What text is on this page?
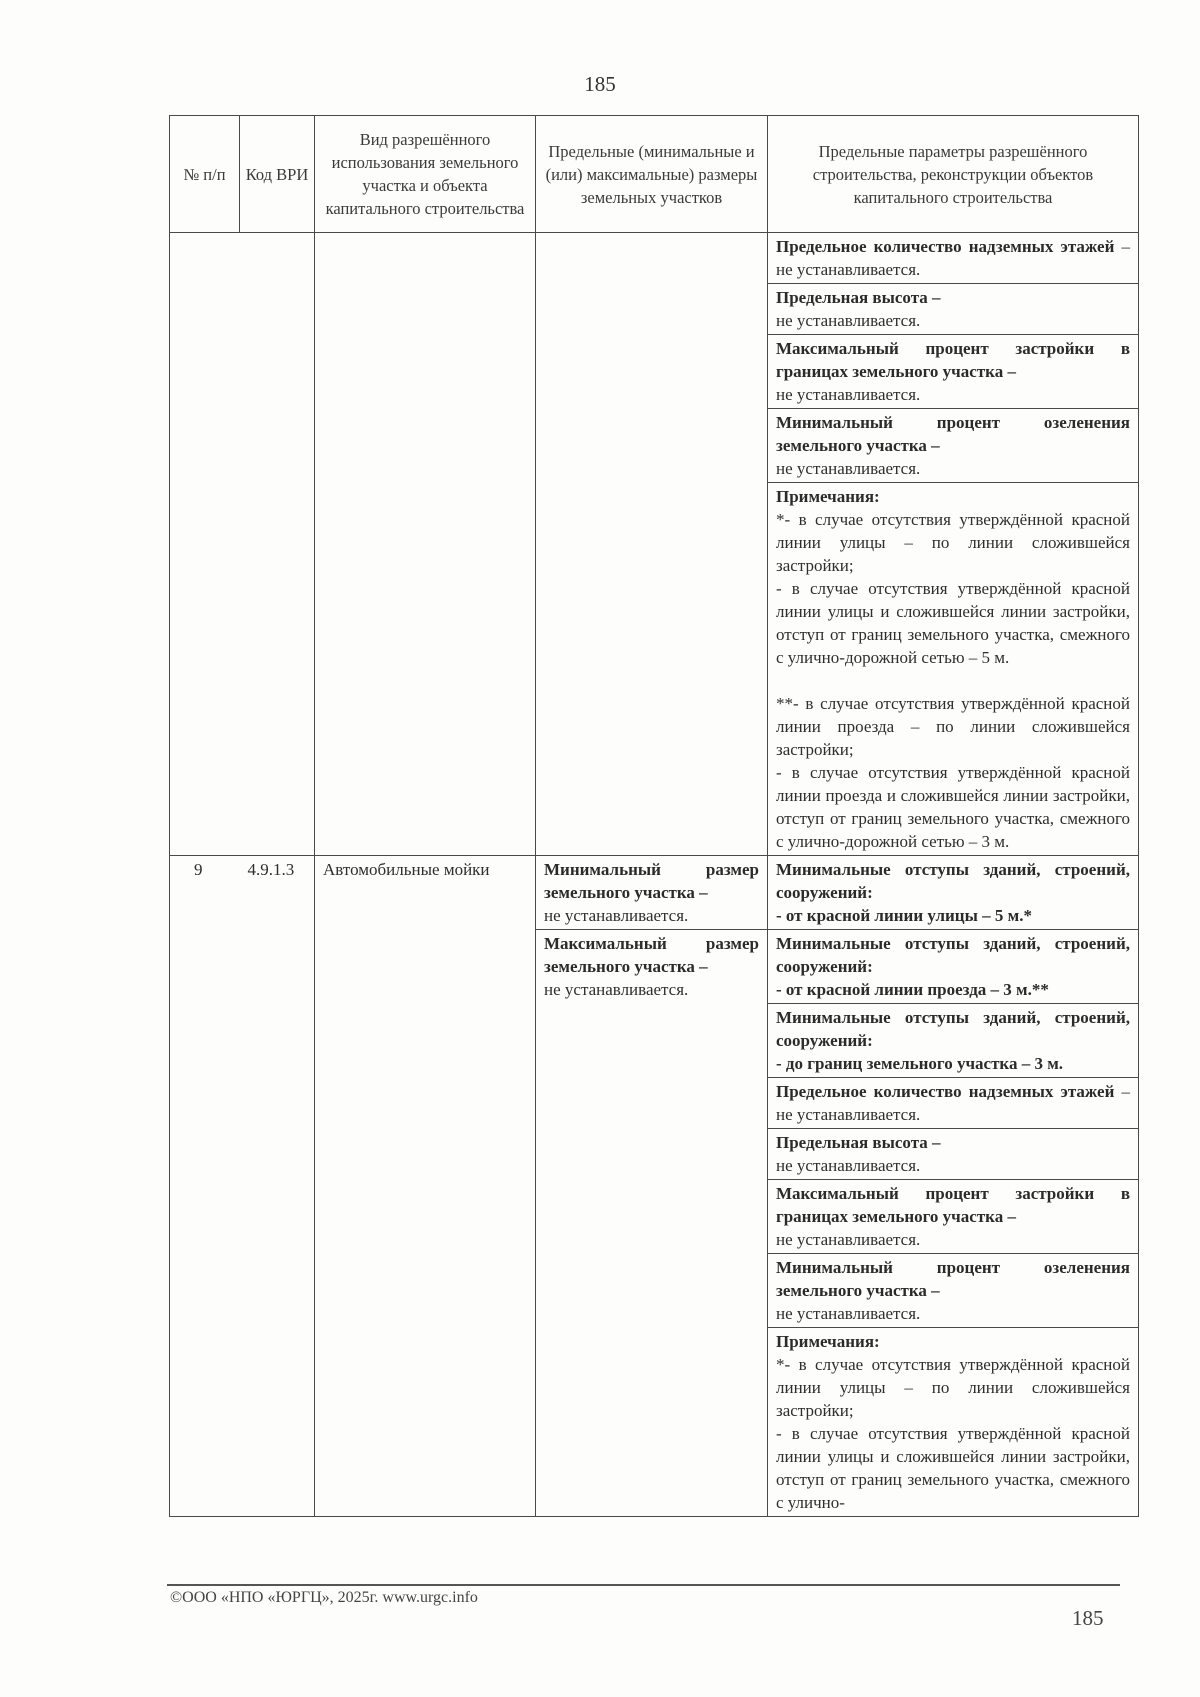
185
№ п/п	Код ВРИ	Вид разрешённого использования земельного участка и объекта капитального строительства	Предельные (минимальные и (или) максимальные) размеры земельных участков	Предельные параметры разрешённого строительства, реконструкции объектов капитального строительства
				Предельное количество надземных этажей – не устанавливается.

				Предельная высота –
не устанавливается.

				Максимальный процент застройки в границах земельного участка –
не устанавливается.

				Минимальный процент озеленения земельного участка –
не устанавливается.

				Примечания:
*- в случае отсутствия утверждённой красной линии улицы – по линии сложившейся застройки;
- в случае отсутствия утверждённой красной линии улицы и сложившейся линии застройки, отступ от границ земельного участка, смежного с улично-дорожной сетью – 5 м.
**- в случае отсутствия утверждённой красной линии проезда – по линии сложившейся застройки;
- в случае отсутствия утверждённой красной линии проезда и сложившейся линии застройки, отступ от границ земельного участка, смежного с улично-дорожной сетью – 3 м.

9	4.9.1.3	Автомобильные мойки	Минимальный размер земельного участка –
не устанавливается.	Минимальные отступы зданий, строений, сооружений:
- от красной линии улицы – 5 м.*

			Максимальный размер земельного участка –
не устанавливается.	Минимальные отступы зданий, строений, сооружений:
- от красной линии проезда – 3 м.**

				Минимальные отступы зданий, строений, сооружений:
- до границ земельного участка – 3 м.

				Предельное количество надземных этажей – не устанавливается.

				Предельная высота –
не устанавливается.

				Максимальный процент застройки в границах земельного участка –
не устанавливается.

				Минимальный процент озеленения земельного участка –
не устанавливается.

				Примечания:
*- в случае отсутствия утверждённой красной линии улицы – по линии сложившейся застройки;
- в случае отсутствия утверждённой красной линии улицы и сложившейся линии застройки, отступ от границ земельного участка, смежного с улично-
©ООО «НПО «ЮРГЦ», 2025г. www.urgc.info
185
